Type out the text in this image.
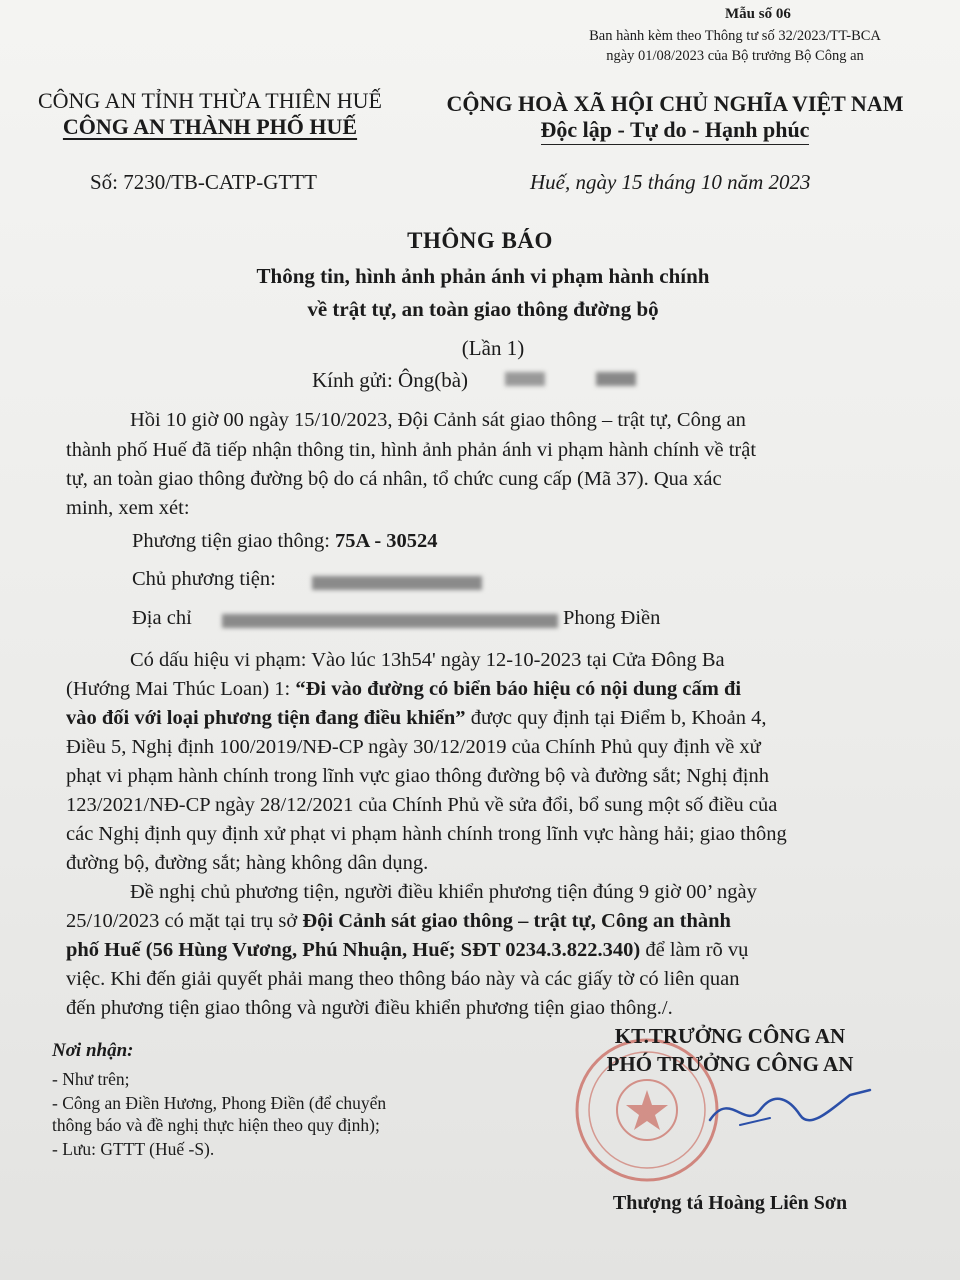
Mẫu số 06
Ban hành kèm theo Thông tư số 32/2023/TT-BCA
ngày 01/08/2023 của Bộ trưởng Bộ Công an
CÔNG AN TỈNH THỪA THIÊN HUẾ
CÔNG AN THÀNH PHỐ HUẾ
CỘNG HOÀ XÃ HỘI CHỦ NGHĨA VIỆT NAM
Độc lập - Tự do - Hạnh phúc
Số: 7230/TB-CATP-GTTT	Huế, ngày 15 tháng 10 năm 2023
THÔNG BÁO
Thông tin, hình ảnh phản ánh vi phạm hành chính
về trật tự, an toàn giao thông đường bộ
(Lần 1)
Kính gửi: Ông(bà)
Hồi 10 giờ 00 ngày 15/10/2023, Đội Cảnh sát giao thông – trật tự, Công an
thành phố Huế đã tiếp nhận thông tin, hình ảnh phản ánh vi phạm hành chính về trật
tự, an toàn giao thông đường bộ do cá nhân, tổ chức cung cấp (Mã 37). Qua xác
minh, xem xét:
Phương tiện giao thông: 75A - 30524
Chủ phương tiện:
Địa chỉ	Phong Điền
Có dấu hiệu vi phạm: Vào lúc 13h54' ngày 12-10-2023 tại Cửa Đông Ba
(Hướng Mai Thúc Loan) 1: “Đi vào đường có biển báo hiệu có nội dung cấm đi
vào đối với loại phương tiện đang điều khiển” được quy định tại Điểm b, Khoản 4,
Điều 5, Nghị định 100/2019/NĐ-CP ngày 30/12/2019 của Chính Phủ quy định về xử
phạt vi phạm hành chính trong lĩnh vực giao thông đường bộ và đường sắt; Nghị định
123/2021/NĐ-CP ngày 28/12/2021 của Chính Phủ về sửa đổi, bổ sung một số điều của
các Nghị định quy định xử phạt vi phạm hành chính trong lĩnh vực hàng hải; giao thông
đường bộ, đường sắt; hàng không dân dụng.
Đề nghị chủ phương tiện, người điều khiển phương tiện đúng 9 giờ 00’ ngày
25/10/2023 có mặt tại trụ sở Đội Cảnh sát giao thông – trật tự, Công an thành
phố Huế (56 Hùng Vương, Phú Nhuận, Huế; SĐT 0234.3.822.340) để làm rõ vụ
việc. Khi đến giải quyết phải mang theo thông báo này và các giấy tờ có liên quan
đến phương tiện giao thông và người điều khiển phương tiện giao thông./.
Nơi nhận:
- Như trên;
- Công an Điền Hương, Phong Điền (để chuyển
thông báo và đề nghị thực hiện theo quy định);
- Lưu: GTTT (Huế -S).
KT.TRƯỞNG CÔNG AN
PHÓ TRƯỞNG CÔNG AN
Thượng tá Hoàng Liên Sơn
